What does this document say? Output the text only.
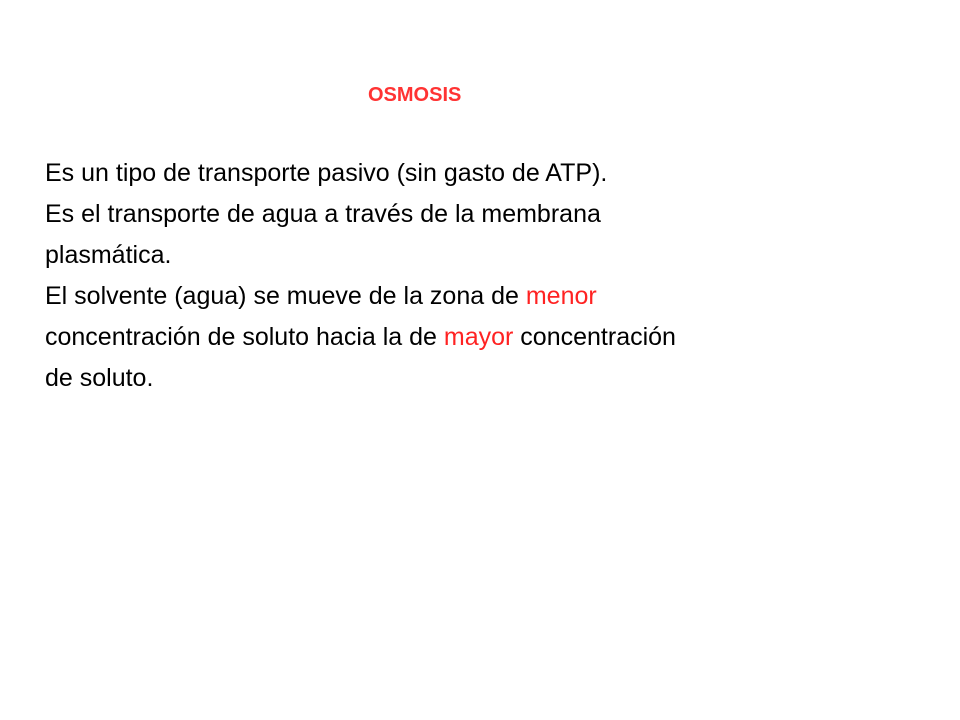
OSMOSIS
Es un tipo de transporte pasivo (sin gasto de ATP).
Es el transporte de agua a través de la membrana
plasmática.
El solvente (agua) se mueve de la zona de menor
concentración de soluto hacia la de mayor concentración
de soluto.
